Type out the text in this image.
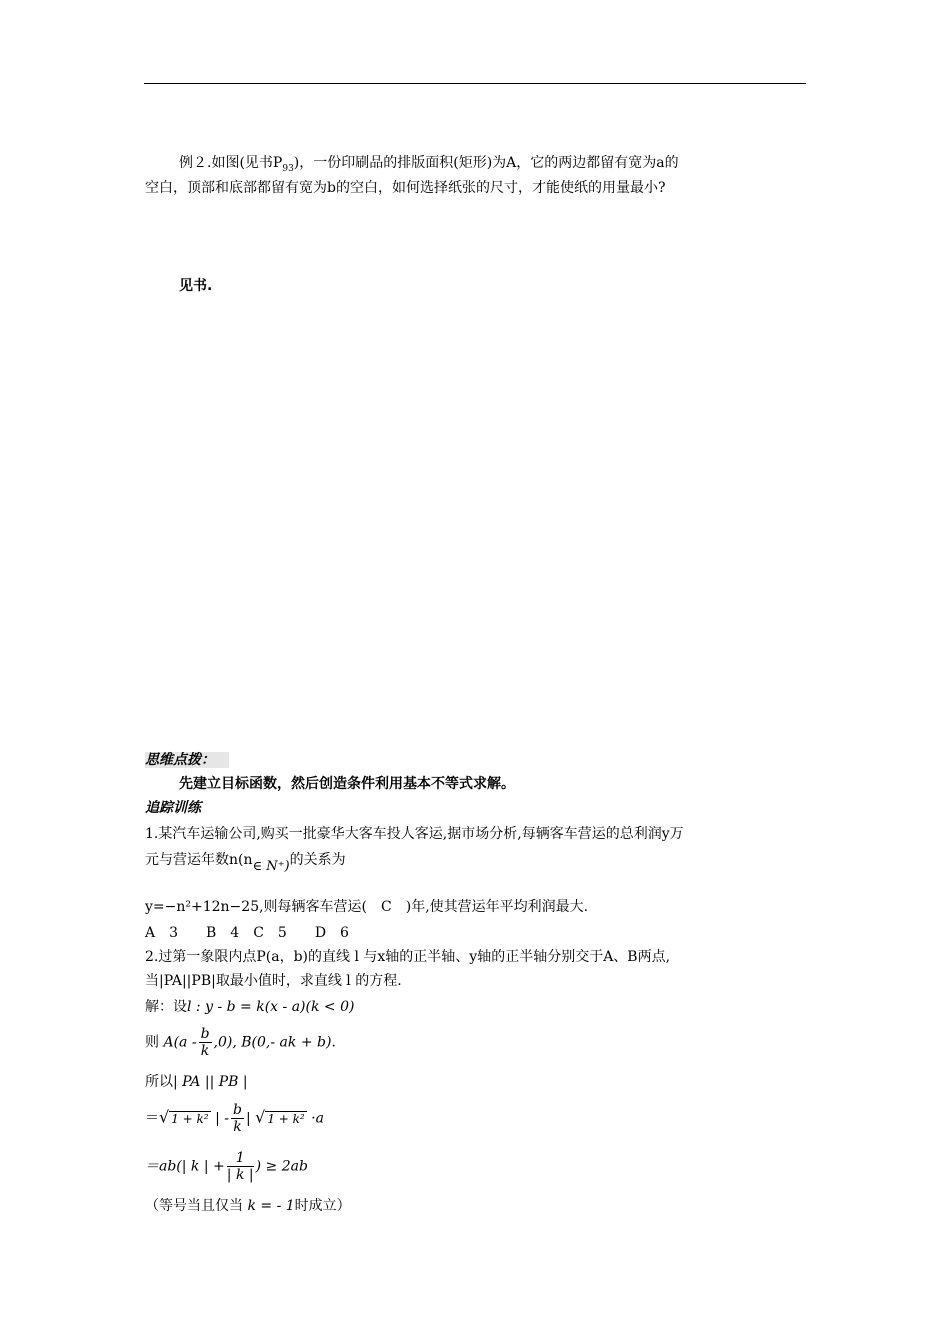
例２.如图(见书$P_{93}$)，一份印刷品的排版面积(矩形)为A，它的两边都留有宽为a的
空白，顶部和底部都留有宽为b的空白，如何选择纸张的尺寸，才能使纸的用量最小?
见书.
思维点拨：
先建立目标函数，然后创造条件利用基本不等式求解。
追踪训练
1.某汽车运输公司,购买一批豪华大客车投人客运,据市场分析,每辆客车营运的总利润y万
元与营运年数n(n∈ N⁺)的关系为
y=−n²+12n−25,则每辆客车营运(　C　)年,使其营运年平均利润最大.
A　3　　B　4　C　5　　D　6
2.过第一象限内点P(a，b)的直线 l 与x轴的正半轴、y轴的正半轴分别交于A、B两点,
当|PA||PB|取最小值时，求直线 l 的方程.
解：设l : y - b = k(x - a)(k < 0)
则 $A(a - \frac{b}{k} ,0)$, B(0,- ak + b).
所以| PA || PB |
＝√ 1 + k² | - $\frac{b}{k}$ | √ 1 + k² ·a
＝ab(| k | + $\frac{1}{| k |}$ ) ≥ 2ab
（等号当且仅当 k = - 1时成立）
